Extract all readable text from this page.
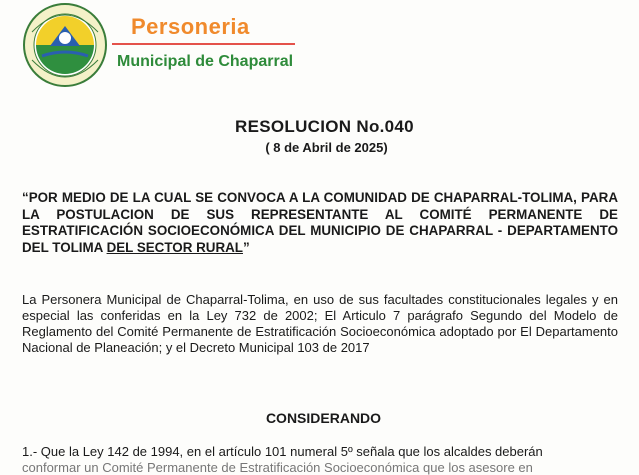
Personeria
Municipal de Chaparral
RESOLUCION No.040
( 8 de Abril de 2025)
“POR MEDIO DE LA CUAL SE CONVOCA A LA COMUNIDAD DE CHAPARRAL-TOLIMA, PARA LA POSTULACION DE SUS REPRESENTANTE AL COMITÉ PERMANENTE DE ESTRATIFICACIÓN SOCIOECONÓMICA DEL MUNICIPIO DE CHAPARRAL - DEPARTAMENTO DEL TOLIMA DEL SECTOR RURAL”
La Personera Municipal de Chaparral-Tolima, en uso de sus facultades constitucionales legales y en especial las conferidas en la Ley 732 de 2002; El Articulo 7 parágrafo Segundo del Modelo de Reglamento del Comité Permanente de Estratificación Socioeconómica adoptado por El Departamento Nacional de Planeación; y el Decreto Municipal 103 de 2017
CONSIDERANDO
1.- Que la Ley 142 de 1994, en el artículo 101 numeral 5º señala que los alcaldes deberán
conformar un Comité Permanente de Estratificación Socioeconómica que los asesore en
